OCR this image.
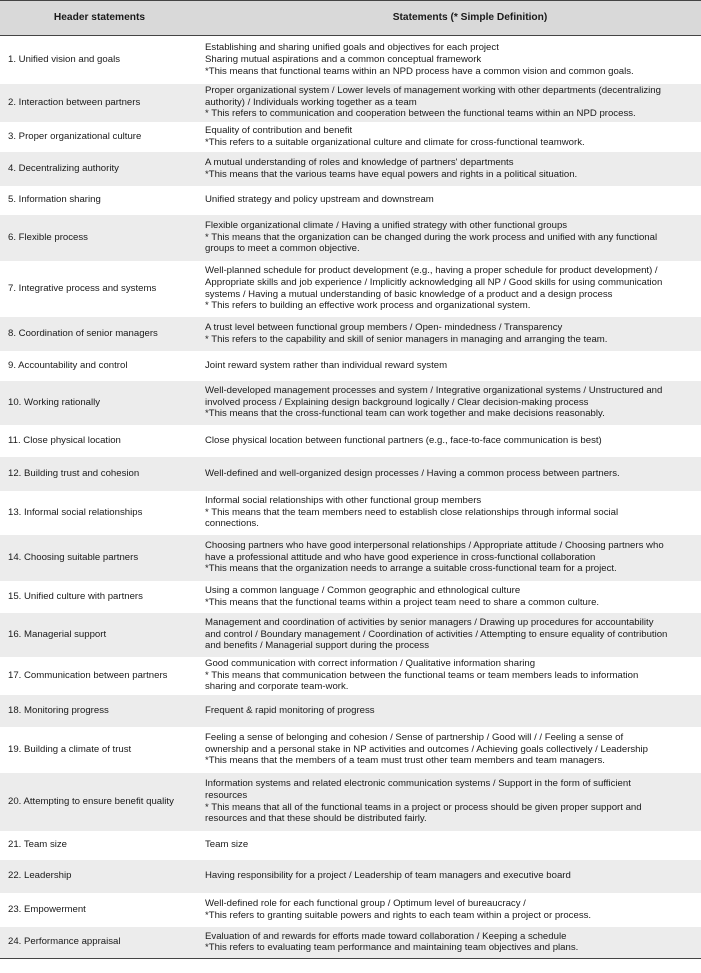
Header statements	Statements (* Simple Definition)
1. Unified vision and goals	Establishing and sharing unified goals and objectives for each project
Sharing mutual aspirations and a common conceptual framework
*This means that functional teams within an NPD process have a common vision and common goals.

2. Interaction between partners	Proper organizational system / Lower levels of management working with other departments (decentralizing
authority) / Individuals working together as a team
* This refers to communication and cooperation between the functional teams within an NPD process.

3. Proper organizational culture	Equality of contribution and benefit
*This refers to a suitable organizational culture and climate for cross-functional teamwork.

4. Decentralizing authority	A mutual understanding of roles and knowledge of partners' departments
*This means that the various teams have equal powers and rights in a political situation.

5. Information sharing	Unified strategy and policy upstream and downstream

6. Flexible process	Flexible organizational climate / Having a unified strategy with other functional groups
* This means that the organization can be changed during the work process and unified with any functional
groups to meet a common objective.

7. Integrative process and systems	Well-planned schedule for product development (e.g., having a proper schedule for product development) /
Appropriate skills and job experience / Implicitly acknowledging all NP / Good skills for using communication
systems / Having a mutual understanding of basic knowledge of a product and a design process
* This refers to building an effective work process and organizational system.

8. Coordination of senior managers	A trust level between functional group members / Open- mindedness / Transparency
* This refers to the capability and skill of senior managers in managing and arranging the team.

9. Accountability and control	Joint reward system rather than individual reward system

10. Working rationally	Well-developed management processes and system / Integrative organizational systems / Unstructured and
involved process / Explaining design background logically / Clear decision-making process
*This means that the cross-functional team can work together and make decisions reasonably.

11. Close physical location	Close physical location between functional partners (e.g., face-to-face communication is best)

12. Building trust and cohesion	Well-defined and well-organized design processes / Having a common process between partners.

13. Informal social relationships	Informal social relationships with other functional group members
* This means that the team members need to establish close relationships through informal social
connections.

14. Choosing suitable partners	Choosing partners who have good interpersonal relationships / Appropriate attitude / Choosing partners who
have a professional attitude and who have good experience in cross-functional collaboration
*This means that the organization needs to arrange a suitable cross-functional team for a project.

15. Unified culture with partners	Using a common language / Common geographic and ethnological culture
*This means that the functional teams within a project team need to share a common culture.

16. Managerial support	Management and coordination of activities by senior managers / Drawing up procedures for accountability
and control / Boundary management / Coordination of activities / Attempting to ensure equality of contribution
and benefits / Managerial support during the process

17. Communication between partners	Good communication with correct information / Qualitative information sharing
* This means that communication between the functional teams or team members leads to information
sharing and corporate team-work.

18. Monitoring progress	Frequent & rapid monitoring of progress

19. Building a climate of trust	Feeling a sense of belonging and cohesion / Sense of partnership / Good will / / Feeling a sense of
ownership and a personal stake in NP activities and outcomes / Achieving goals collectively / Leadership
*This means that the members of a team must trust other team members and team managers.

20. Attempting to ensure benefit quality	Information systems and related electronic communication systems / Support in the form of sufficient
resources
* This means that all of the functional teams in a project or process should be given proper support and
resources and that these should be distributed fairly.

21. Team size	Team size

22. Leadership	Having responsibility for a project / Leadership of team managers and executive board

23. Empowerment	Well-defined role for each functional group / Optimum level of bureaucracy /
*This refers to granting suitable powers and rights to each team within a project or process.

24. Performance appraisal	Evaluation of and rewards for efforts made toward collaboration / Keeping a schedule
*This refers to evaluating team performance and maintaining team objectives and plans.
